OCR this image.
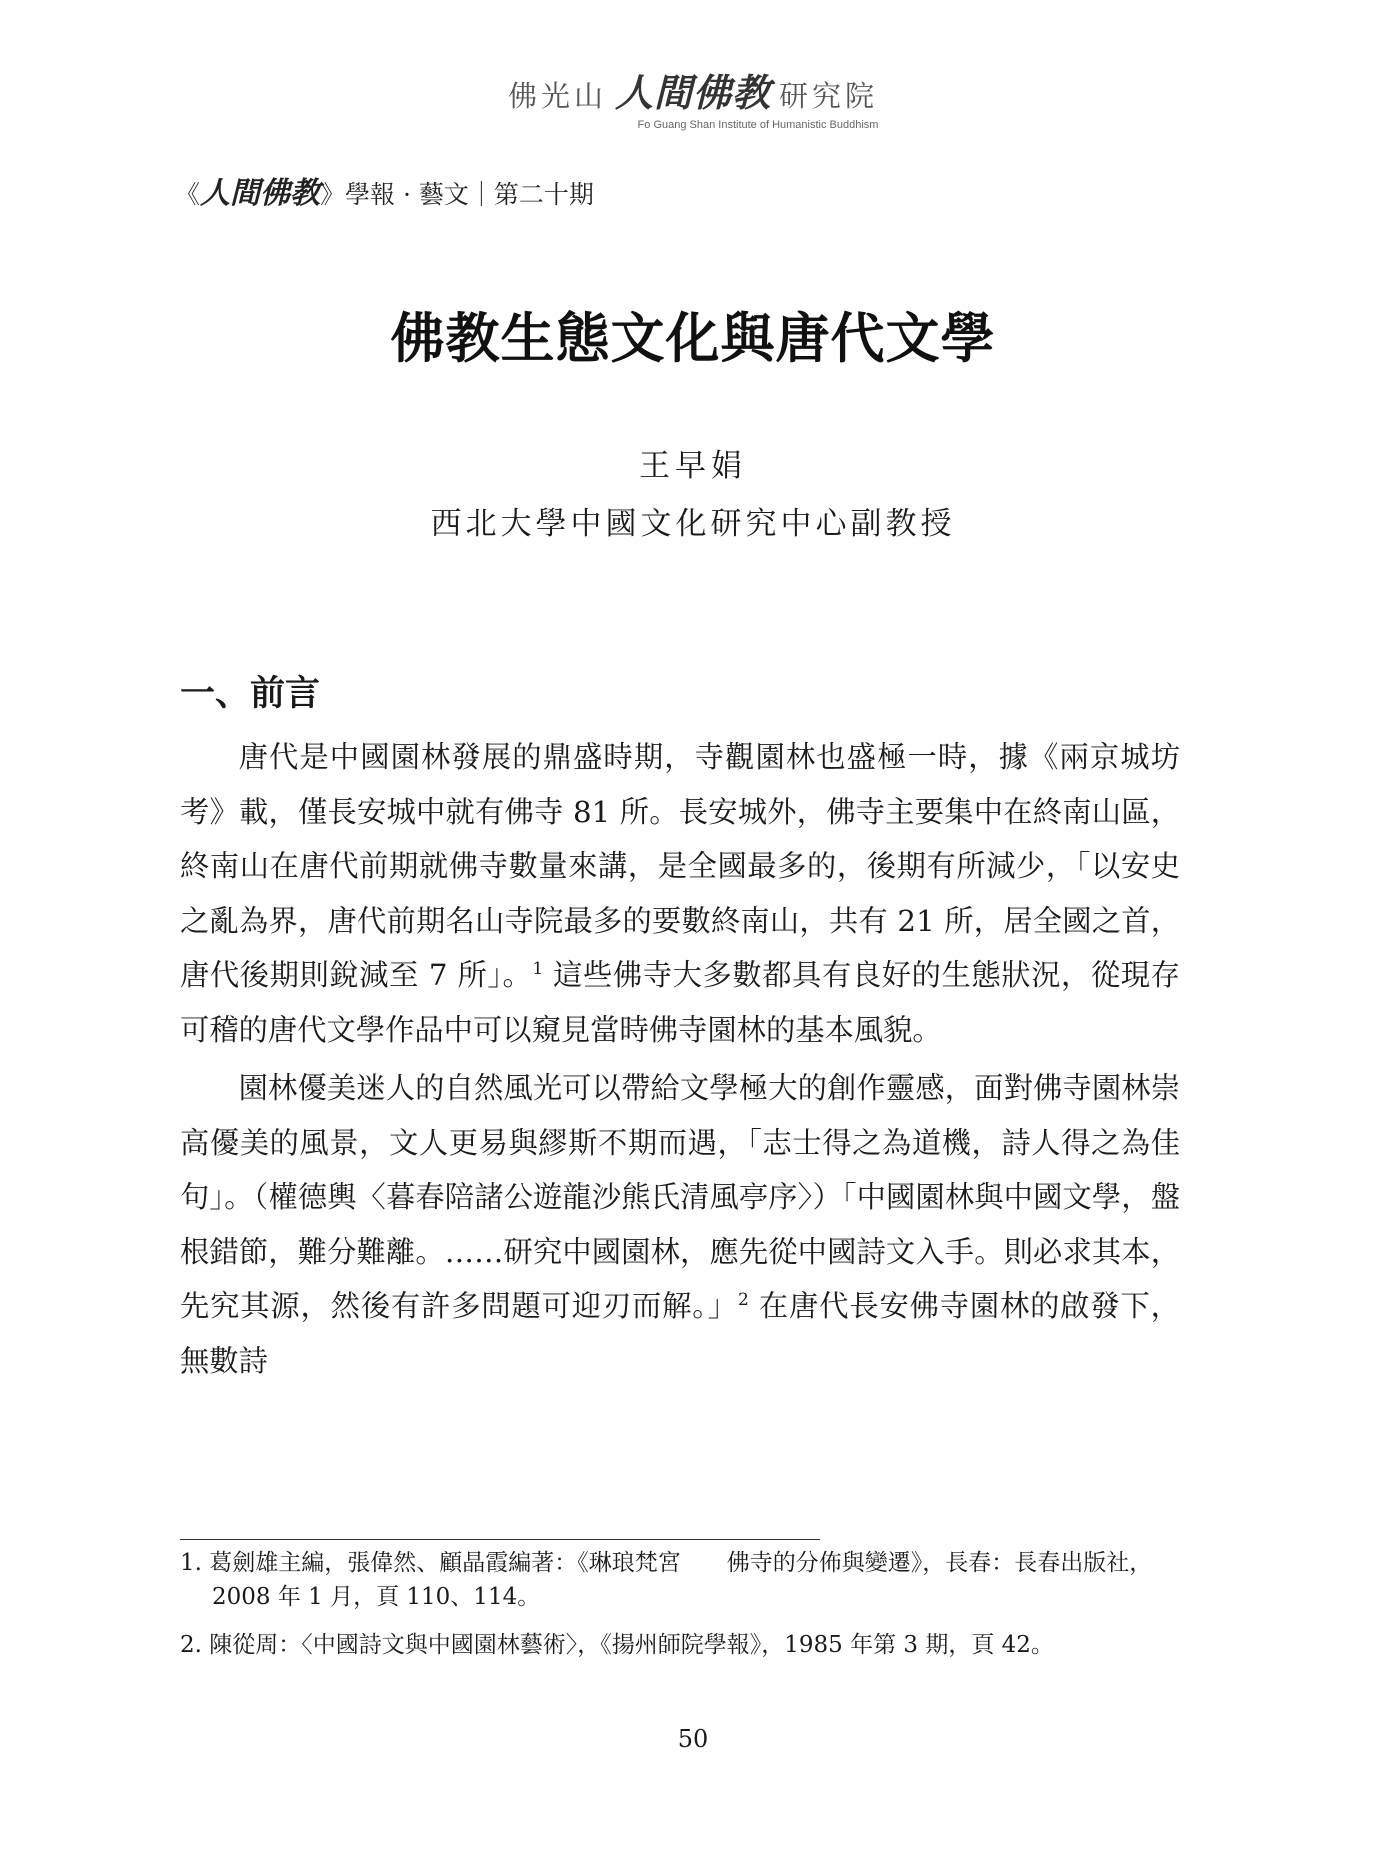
佛光山 人間佛教 研究院
Fo Guang Shan Institute of Humanistic Buddhism
《人間佛教》學報 · 藝文｜第二十期
佛教生態文化與唐代文學
王早娟
西北大學中國文化研究中心副教授
一、前言

唐代是中國園林發展的鼎盛時期，寺觀園林也盛極一時，據《兩京城坊考》載，僅長安城中就有佛寺 81 所。長安城外，佛寺主要集中在終南山區，終南山在唐代前期就佛寺數量來講，是全國最多的，後期有所減少，「以安史之亂為界，唐代前期名山寺院最多的要數終南山，共有 21 所，居全國之首，唐代後期則銳減至 7 所」。$^1$ 這些佛寺大多數都具有良好的生態狀況，從現存可稽的唐代文學作品中可以窺見當時佛寺園林的基本風貌。

園林優美迷人的自然風光可以帶給文學極大的創作靈感，面對佛寺園林崇高優美的風景，文人更易與繆斯不期而遇，「志士得之為道機，詩人得之為佳句」。（權德輿〈暮春陪諸公遊龍沙熊氏清風亭序〉）「中國園林與中國文學，盤根錯節，難分難離。……研究中國園林，應先從中國詩文入手。則必求其本，先究其源，然後有許多問題可迎刃而解。」$^2$ 在唐代長安佛寺園林的啟發下，無數詩

1. 葛劍雄主編，張偉然、顧晶霞編著：《琳琅梵宮　　佛寺的分佈與變遷》，長春：長春出版社，2008 年 1 月，頁 110、114。
2. 陳從周：〈中國詩文與中國園林藝術〉，《揚州師院學報》，1985 年第 3 期，頁 42。
50
